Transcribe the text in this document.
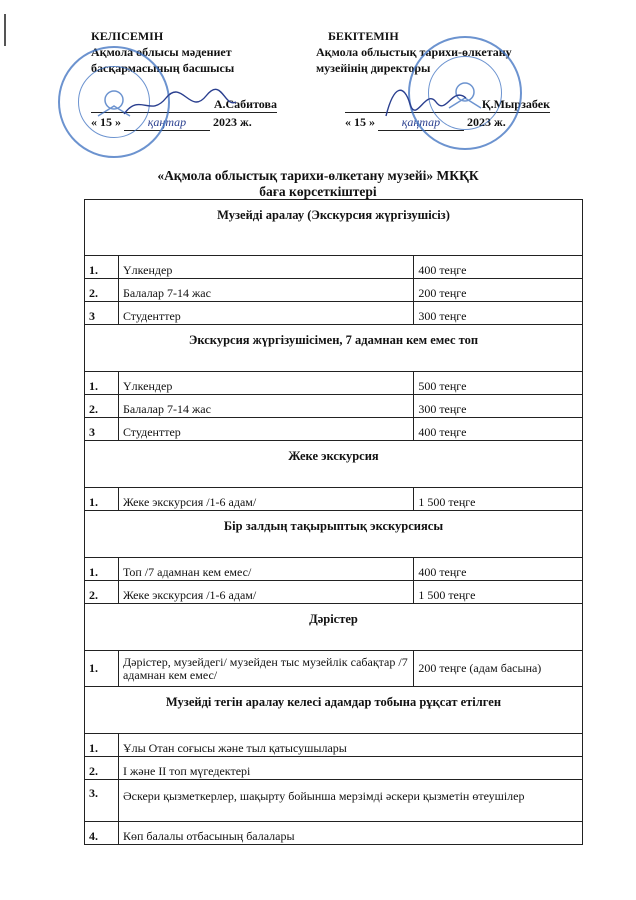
КЕЛІСЕМІН
Ақмола облысы мәдениет
басқармасының басшысы
А.Сабитова
« 15 » қаңтар 2023 ж.
БЕКІТЕМІН
Ақмола облыстық тарихи-өлкетану
музейінің директоры
Қ.Мырзабек
« 15 » қаңтар 2023 ж.
«Ақмола облыстық тарихи-өлкетану музейі» МКҚК
баға көрсеткіштері
Музейді аралау (Экскурсия жүргізушісіз)		
1.	Үлкендер	400 теңге
2.	Балалар 7-14 жас	200 теңге
3	Студенттер	300 теңге
Экскурсия жүргізушісімен, 7 адамнан кем емес топ		
1.	Үлкендер	500 теңге
2.	Балалар 7-14 жас	300 теңге
3	Студенттер	400 теңге
Жеке экскурсия		
1.	Жеке экскурсия /1-6 адам/	1 500 теңге
Бір залдың тақырыптық экскурсиясы		
1.	Топ /7 адамнан кем емес/	400 теңге
2.	Жеке экскурсия /1-6 адам/	1 500 теңге
Дәрістер		
1.	Дәрістер, музейдегі/ музейден тыс музейлік сабақтар /7 адамнан кем емес/	200 теңге (адам басына)
Музейді тегін аралау келесі адамдар тобына рұқсат етілген		
1.	Ұлы Отан соғысы және тыл қатысушылары	
2.	I және II топ мүгедектері	
3.	Әскери қызметкерлер, шақырту бойынша мерзімді әскери қызметін өтеушілер	
4.	Көп балалы отбасының балалары	
